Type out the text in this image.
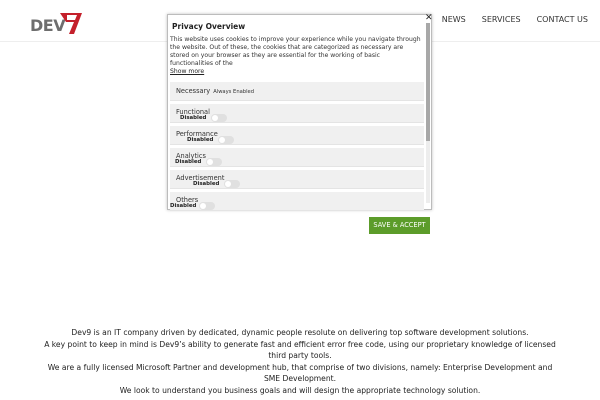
DEV	NEWS SERVICES CONTACT US
Privacy Overview
✕
This website uses cookies to improve your experience while you navigate through the website. Out of these, the cookies that are categorized as necessary are stored on your browser as they are essential for the working of basic functionalities of the
Show more
Necessary Always Enabled
Functional
Disabled
Performance
Disabled
Analytics
Disabled
Advertisement
Disabled
Others
Disabled
SAVE & ACCEPT

Dev9 is an IT company driven by dedicated, dynamic people resolute on delivering top software development solutions.

A key point to keep in mind is Dev9’s ability to generate fast and efficient error free code, using our proprietary knowledge of licensed third party tools.

We are a fully licensed Microsoft Partner and development hub, that comprise of two divisions, namely: Enterprise Development and SME Development.

We look to understand you business goals and will design the appropriate technology solution.
